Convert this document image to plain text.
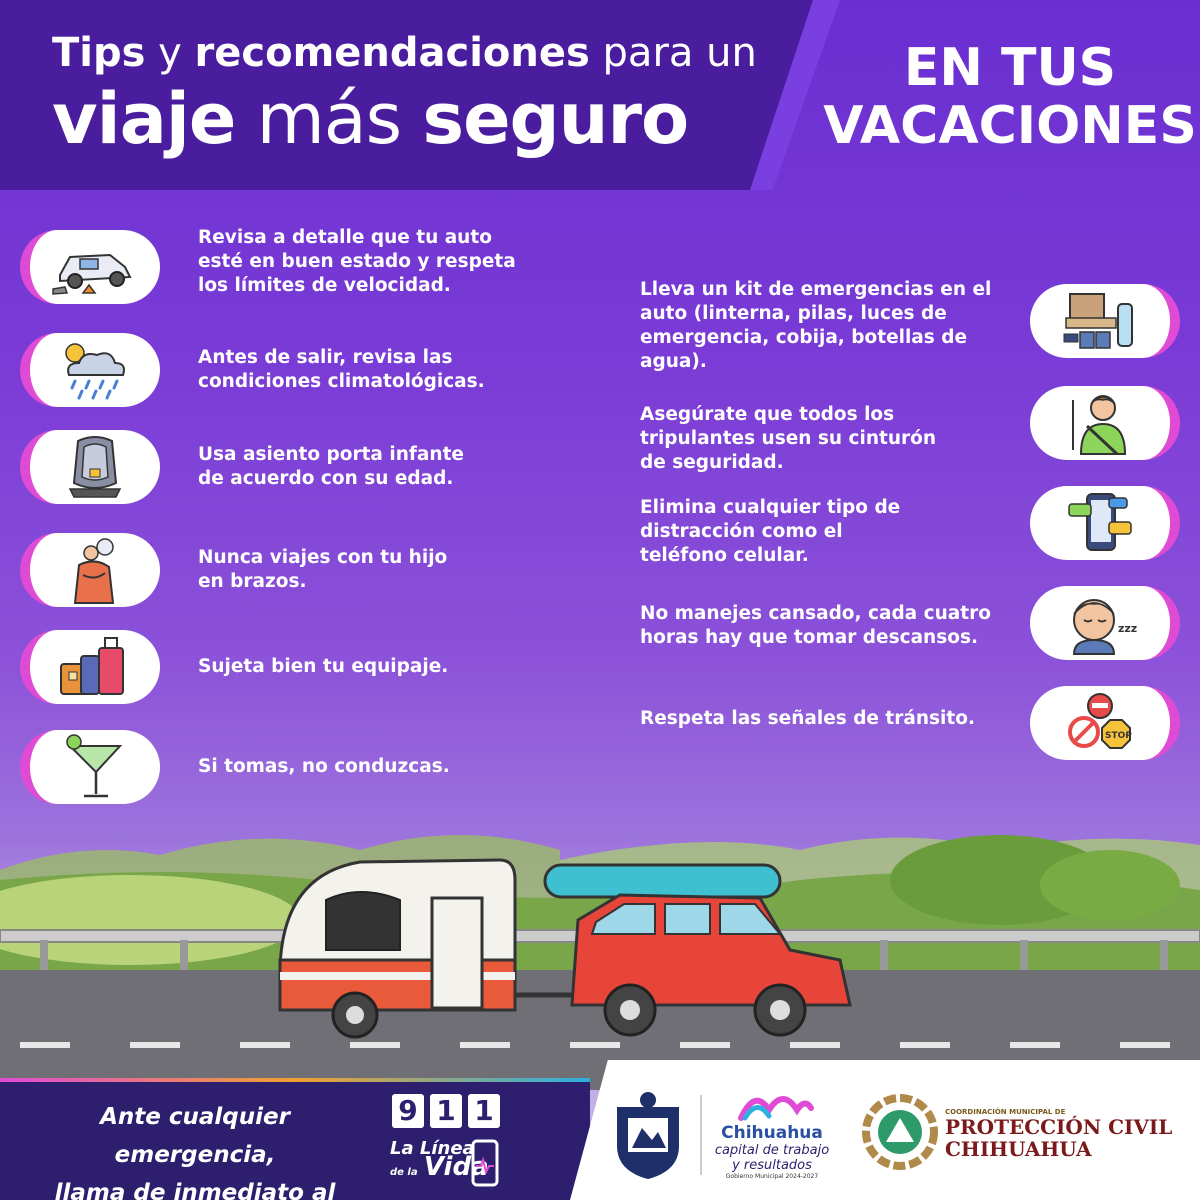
Tips y recomendaciones para un
viaje más seguro
EN TUS
VACACIONES
Revisa a detalle que tu auto
esté en buen estado y respeta
los límites de velocidad.
Antes de salir, revisa las
condiciones climatológicas.
Usa asiento porta infante
de acuerdo con su edad.
Nunca viajes con tu hijo
en brazos.
Sujeta bien tu equipaje.
Si tomas, no conduzcas.
Lleva un kit de emergencias en el
auto (linterna, pilas, luces de
emergencia, cobija, botellas de
agua).
Asegúrate que todos los
tripulantes usen su cinturón
de seguridad.
Elimina cualquier tipo de
distracción como el
teléfono celular.
No manejes cansado, cada cuatro
horas hay que tomar descansos.	zzz
Respeta las señales de tránsito.
STOP
Ante cualquier emergencia,
llama de inmediato al
9 1 1
La Línea
de la Vida
Chihuahua
capital de trabajo
y resultados
Gobierno Municipal 2024-2027
COORDINACIÓN MUNICIPAL DE
PROTECCIÓN CIVIL
CHIHUAHUA
